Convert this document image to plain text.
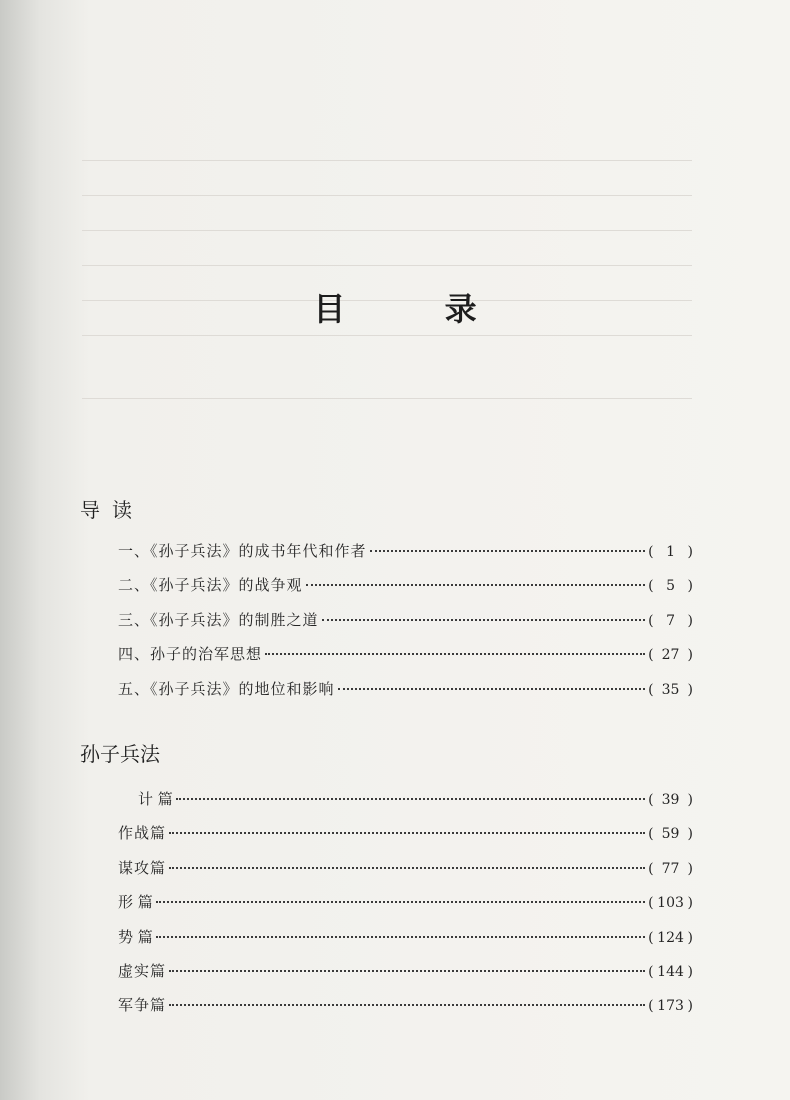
目 录
导读
一、《孙子兵法》的成书年代和作者	( 1 )
二、《孙子兵法》的战争观	( 5 )
三、《孙子兵法》的制胜之道	( 7 )
四、孙子的治军思想	( 27 )
五、《孙子兵法》的地位和影响	( 35 )
孙子兵法
计 篇	( 39 )
作战篇	( 59 )
谋攻篇	( 77 )
形 篇	( 103 )
势 篇	( 124 )
虚实篇	( 144 )
军争篇	( 173 )
